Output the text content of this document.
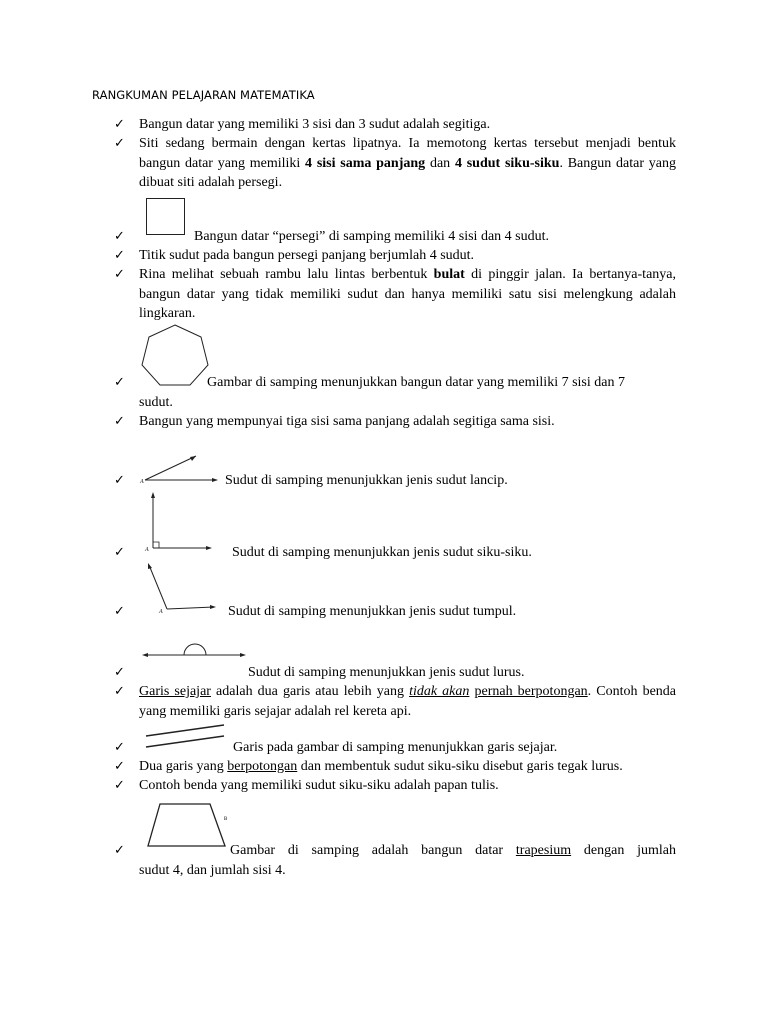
RANGKUMAN PELAJARAN MATEMATIKA
✓ Bangun datar yang memiliki 3 sisi dan 3 sudut adalah segitiga.
✓ Siti sedang bermain dengan kertas lipatnya. Ia memotong kertas tersebut menjadi bentuk bangun datar yang memiliki 4 sisi sama panjang dan 4 sudut siku-siku. Bangun datar yang dibuat siti adalah persegi.
✓	Bangun datar “persegi” di samping memiliki 4 sisi dan 4 sudut.
✓ Titik sudut pada bangun persegi panjang berjumlah 4 sudut.
✓ Rina melihat sebuah rambu lalu lintas berbentuk bulat di pinggir jalan. Ia bertanya-tanya, bangun datar yang tidak memiliki sudut dan hanya memiliki satu sisi melengkung adalah lingkaran.
✓	Gambar di samping menunjukkan bangun datar yang memiliki 7 sisi dan 7
sudut.
✓ Bangun yang mempunyai tiga sisi sama panjang adalah segitiga sama sisi.
A
✓	Sudut di samping menunjukkan jenis sudut lancip.
A
✓	Sudut di samping menunjukkan jenis sudut siku-siku.
A
✓	Sudut di samping menunjukkan jenis sudut tumpul.
✓	Sudut di samping menunjukkan jenis sudut lurus.
✓ Garis sejajar adalah dua garis atau lebih yang tidak akan pernah berpotongan. Contoh benda yang memiliki garis sejajar adalah rel kereta api.
✓	Garis pada gambar di samping menunjukkan garis sejajar.
✓ Dua garis yang berpotongan dan membentuk sudut siku-siku disebut garis tegak lurus.
✓ Contoh benda yang memiliki sudut siku-siku adalah papan tulis.
B
✓	Gambar di samping adalah bangun datar trapesium dengan jumlah
sudut 4, dan jumlah sisi 4.
